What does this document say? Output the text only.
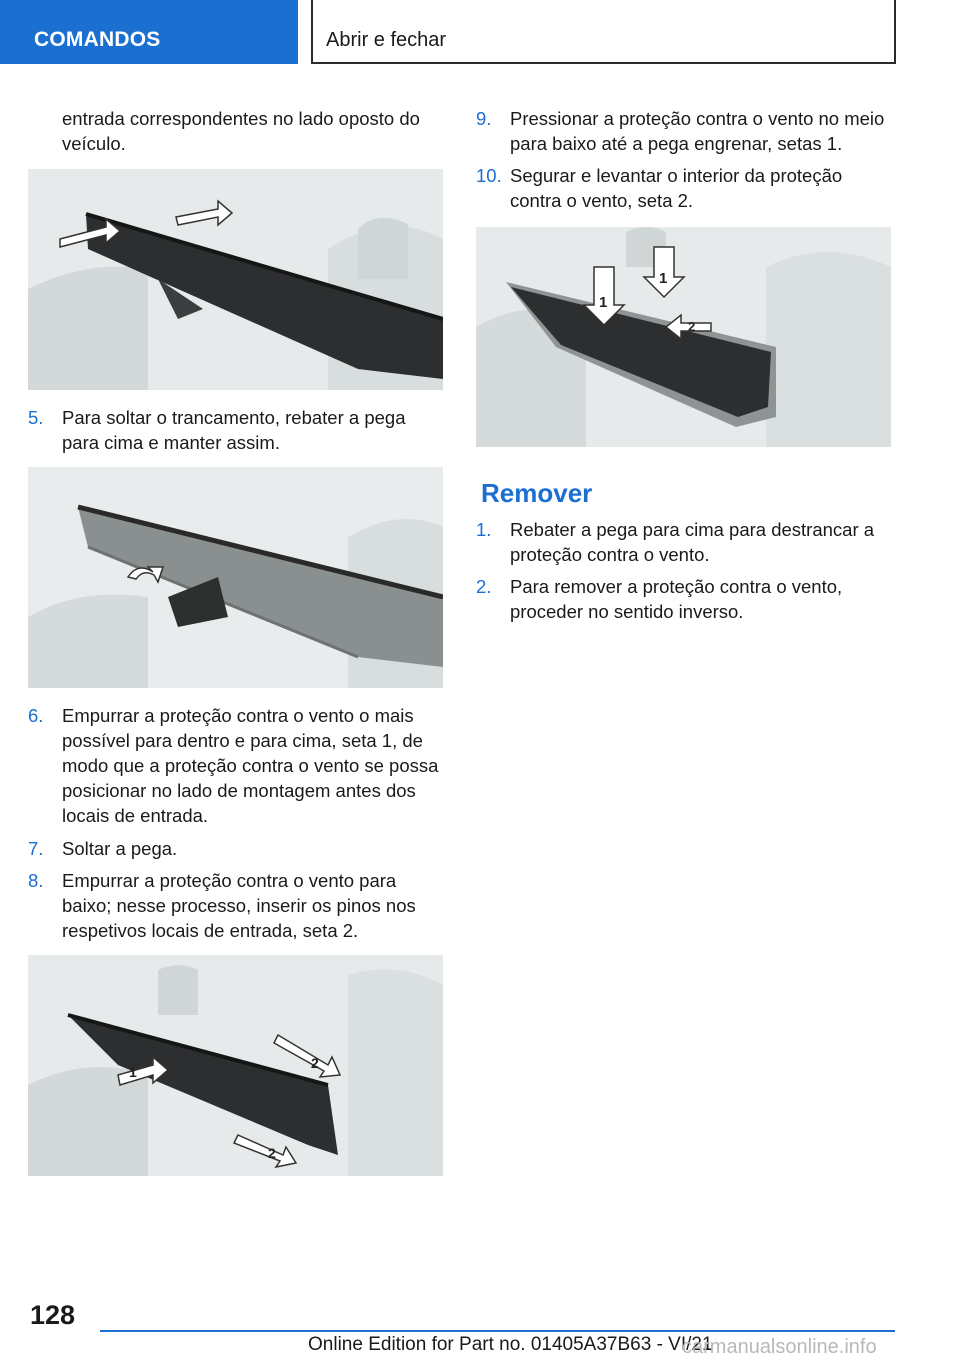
COMANDOS	Abrir e fechar
entrada correspondentes no lado oposto do veículo.
5. Para soltar o trancamento, rebater a pega para cima e manter assim.
6. Empurrar a proteção contra o vento o mais possível para dentro e para cima, seta 1, de modo que a proteção contra o vento se possa posicionar no lado de montagem antes dos locais de entrada.
7. Soltar a pega.
8. Empurrar a proteção contra o vento para baixo; nesse processo, inserir os pinos nos respetivos locais de entrada, seta 2.
1
2
2
9. Pressionar a proteção contra o vento no meio para baixo até a pega engrenar, setas 1.
10. Segurar e levantar o interior da proteção contra o vento, seta 2.
1
1
2
Remover
1. Rebater a pega para cima para destrancar a proteção contra o vento.
2. Para remover a proteção contra o vento, proceder no sentido inverso.
128
Online Edition for Part no. 01405A37B63 - VI/21
carmanualsonline.info
